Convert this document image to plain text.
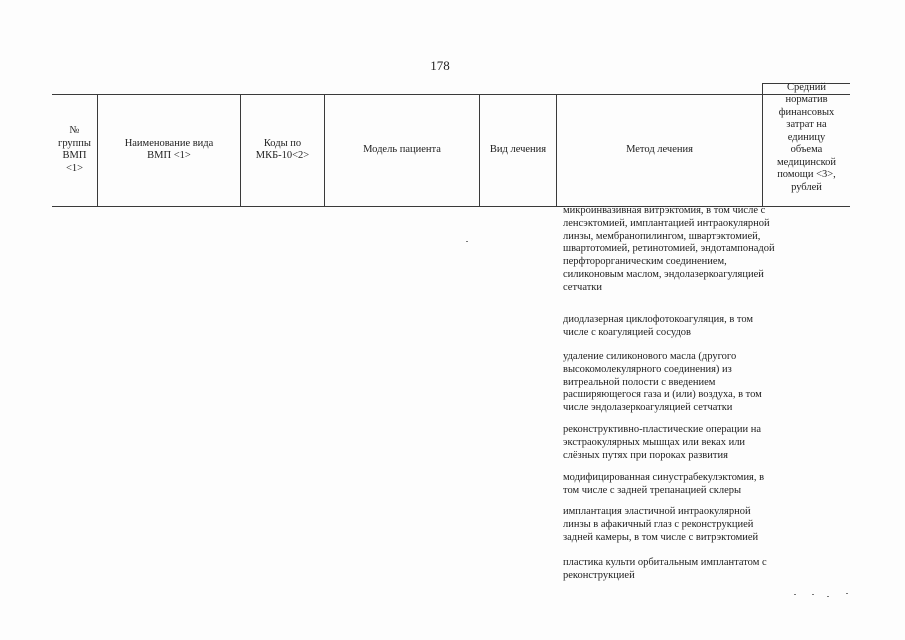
178
№ группы ВМП <1>
Наименование вида ВМП <1>
Коды по МКБ-10<2>
Модель пациента	Вид лечения	Метод лечения
Средний норматив финансовых затрат на единицу объема медицинской помощи <3>, рублей
микроинвазивная витрэктомия, в том числе с ленсэктомией, имплантацией интраокулярной линзы, мембранопилингом, швартэктомией, швартотомией, ретинотомией, эндотампонадой перфторорганическим соединением, силиконовым маслом, эндолазеркоагуляцией сетчатки
диодлазерная циклофотокоагуляция, в том числе с коагуляцией сосудов
удаление силиконового масла (другого высокомолекулярного соединения) из витреальной полости с введением расширяющегося газа и (или) воздуха, в том числе эндолазеркоагуляцией сетчатки
реконструктивно-пластические операции на экстраокулярных мышцах или веках или слёзных путях при пороках развития
модифицированная синустрабекулэктомия, в том числе с задней трепанацией склеры
имплантация эластичной интраокулярной линзы в афакичный глаз с реконструкцией задней камеры, в том числе с витрэктомией
пластика культи орбитальным имплантатом с реконструкцией
